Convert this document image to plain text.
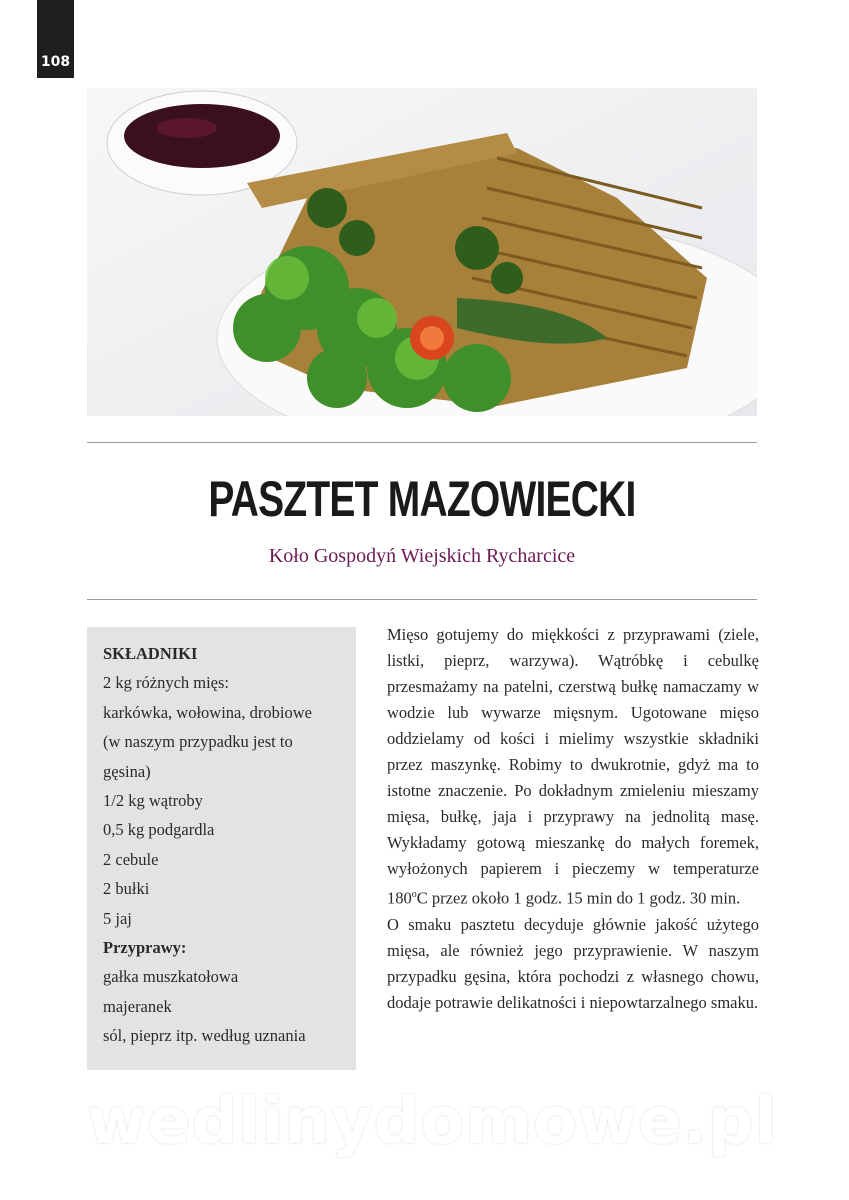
108
PASZTET MAZOWIECKI
Koło Gospodyń Wiejskich Rycharcice
SKŁADNIKI
2 kg różnych mięs:
karkówka, wołowina, drobiowe
(w naszym przypadku jest to
gęsina)
1/2 kg wątroby
0,5 kg podgardla
2 cebule
2 bułki
5 jaj
Przyprawy:
gałka muszkatołowa
majeranek
sól, pieprz itp. według uznania

Mięso gotujemy do miękkości z przyprawami (ziele, listki, pieprz, warzywa). Wątróbkę i cebulkę przesmażamy na patelni, czerstwą bułkę namaczamy w wodzie lub wywarze mięsnym. Ugotowane mięso oddzielamy od kości i mielimy wszystkie składniki przez maszynkę. Robimy to dwukrotnie, gdyż ma to istotne znaczenie. Po dokładnym zmieleniu mieszamy mięsa, bułkę, jaja i przyprawy na jednolitą masę. Wykładamy gotową mieszankę do małych foremek, wyłożonych papierem i pieczemy w temperaturze 180$^o$C przez około 1 godz. 15 min do 1 godz. 30 min.

O smaku pasztetu decyduje głównie jakość użytego mięsa, ale również jego przyprawienie. W naszym przypadku gęsina, która pochodzi z własnego chowu, dodaje potrawie delikatności i niepowtarzalnego smaku.

wedlinydomowe.pl
